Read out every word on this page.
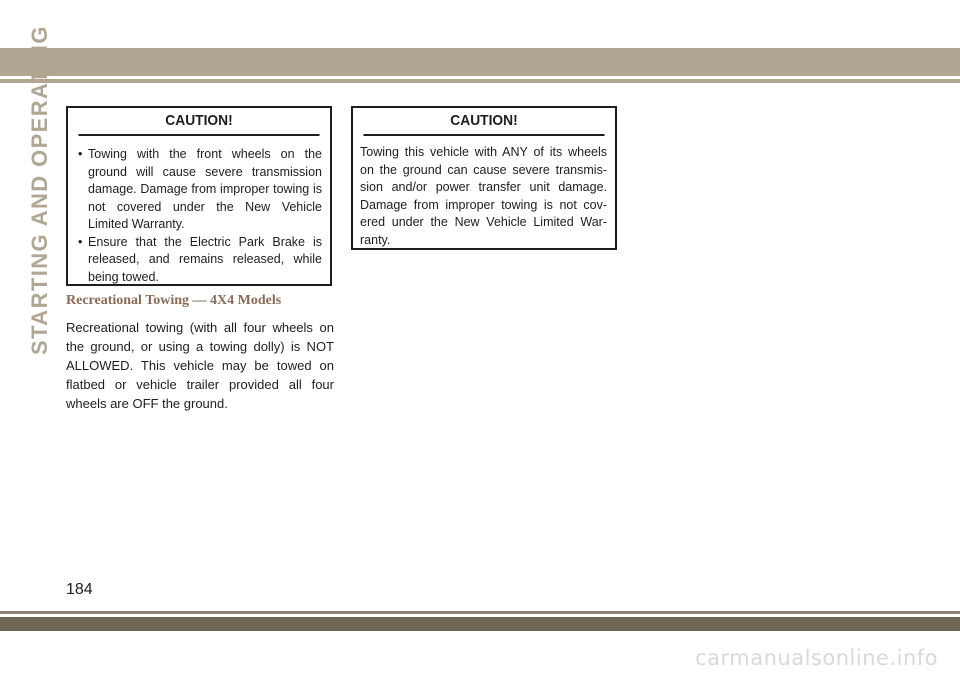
STARTING AND OPERATING	CAUTION!
• Towing with the front wheels on the ground will cause severe transmission damage. Damage from improper towing is not covered under the New Vehicle Limited Warranty.
• Ensure that the Electric Park Brake is released, and remains released, while being towed.
Recreational Towing — 4X4 Models

Recreational towing (with all four wheels on the ground, or using a towing dolly) is NOT ALLOWED. This vehicle may be towed on flatbed or vehicle trailer provided all four wheels are OFF the ground.

CAUTION!

Towing this vehicle with ANY of its wheels on the ground can cause severe transmission and/or power transfer unit damage. Damage from improper towing is not covered under the New Vehicle Limited Warranty.

184
carmanualsonline.info
